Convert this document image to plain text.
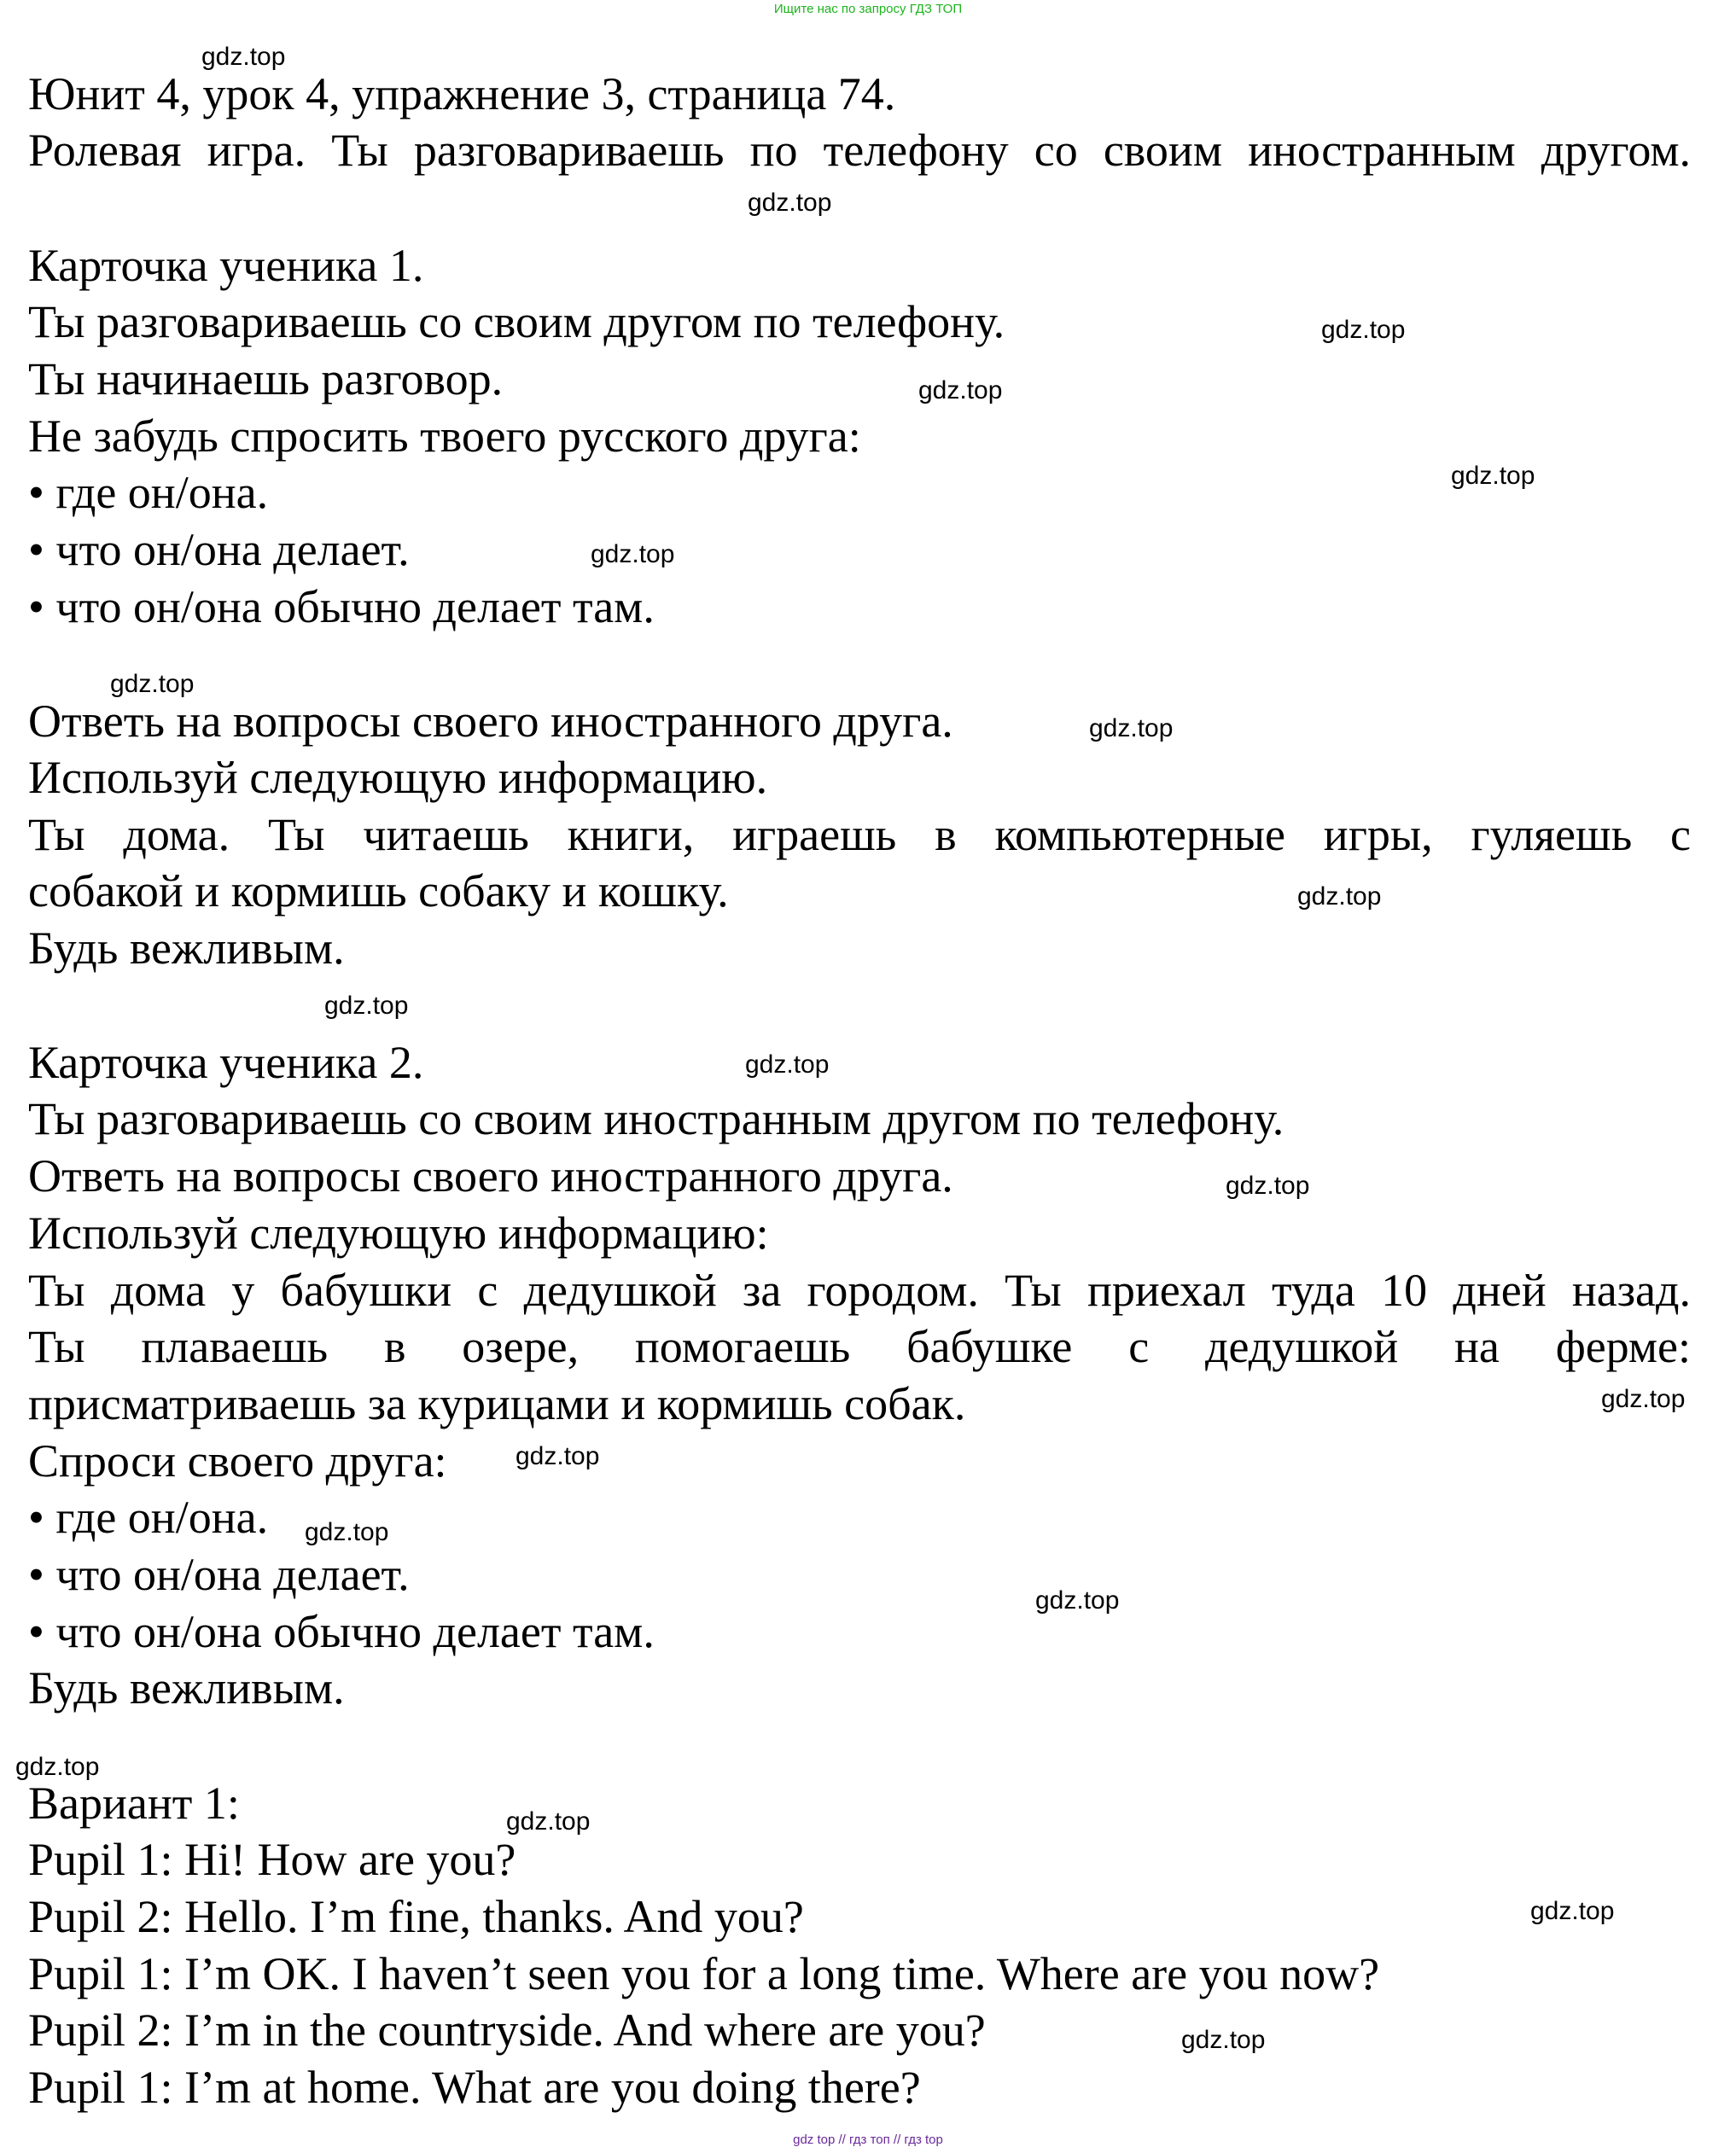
Ищите нас по запросу ГДЗ ТОП
Юнит 4, урок 4, упражнение 3, страница 74.
Ролевая игра. Ты разговариваешь по телефону со своим иностранным другом.
Карточка ученика 1.
Ты разговариваешь со своим другом по телефону.
Ты начинаешь разговор.
Не забудь спросить твоего русского друга:
• где он/она.
• что он/она делает.
• что он/она обычно делает там.
Ответь на вопросы своего иностранного друга.
Используй следующую информацию.
Ты дома. Ты читаешь книги, играешь в компьютерные игры, гуляешь с
собакой и кормишь собаку и кошку.
Будь вежливым.
Карточка ученика 2.
Ты разговариваешь со своим иностранным другом по телефону.
Ответь на вопросы своего иностранного друга.
Используй следующую информацию:
Ты дома у бабушки с дедушкой за городом. Ты приехал туда 10 дней назад.
Ты плаваешь в озере, помогаешь бабушке с дедушкой на ферме:
присматриваешь за курицами и кормишь собак.
Спроси своего друга:
• где он/она.
• что он/она делает.
• что он/она обычно делает там.
Будь вежливым.
Вариант 1:
Pupil 1: Hi! How are you?
Pupil 2: Hello. I’m fine, thanks. And you?
Pupil 1: I’m OK. I haven’t seen you for a long time. Where are you now?
Pupil 2: I’m in the countryside. And where are you?
Pupil 1: I’m at home. What are you doing there?
gdz.top
gdz.top
gdz.top
gdz.top
gdz.top
gdz.top
gdz.top
gdz.top
gdz.top
gdz.top
gdz.top
gdz.top
gdz.top
gdz.top
gdz.top
gdz.top
gdz.top
gdz.top
gdz.top
gdz.top
gdz top // гдз топ // гдз top
